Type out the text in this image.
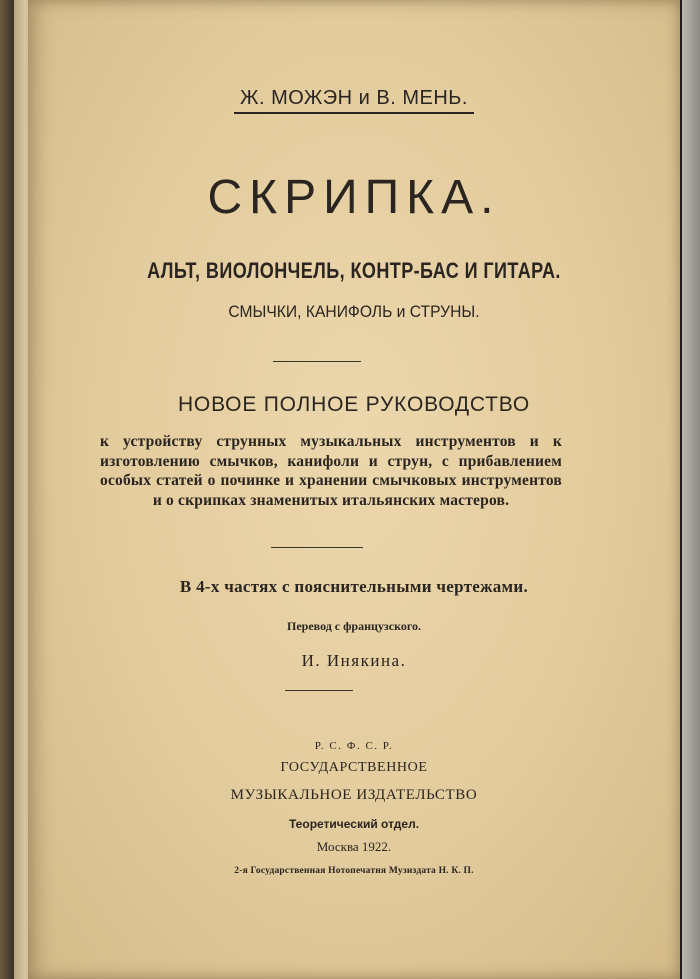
Ж. МОЖЭН и В. МЕНЬ.
СКРИПКА.
АЛЬТ, ВИОЛОНЧЕЛЬ, КОНТР-БАС И ГИТАРА.
СМЫЧКИ, КАНИФОЛЬ и СТРУНЫ.
НОВОЕ ПОЛНОЕ РУКОВОДСТВО
к устройству струнных музыкальных инструментов и к изготовлению смычков, канифоли и струн, с прибавлением особых статей о починке и хранении смычковых инструментов и о скрипках знаменитых итальянских мастеров.
В 4-х частях с пояснительными чертежами.
Перевод с французского.
И. Инякина.
Р. С. Ф. С. Р.
ГОСУДАРСТВЕННОЕ
МУЗЫКАЛЬНОЕ ИЗДАТЕЛЬСТВО
Теоретический отдел.
Москва 1922.
2-я Государственная Нотопечатня Музиздата Н. К. П.
